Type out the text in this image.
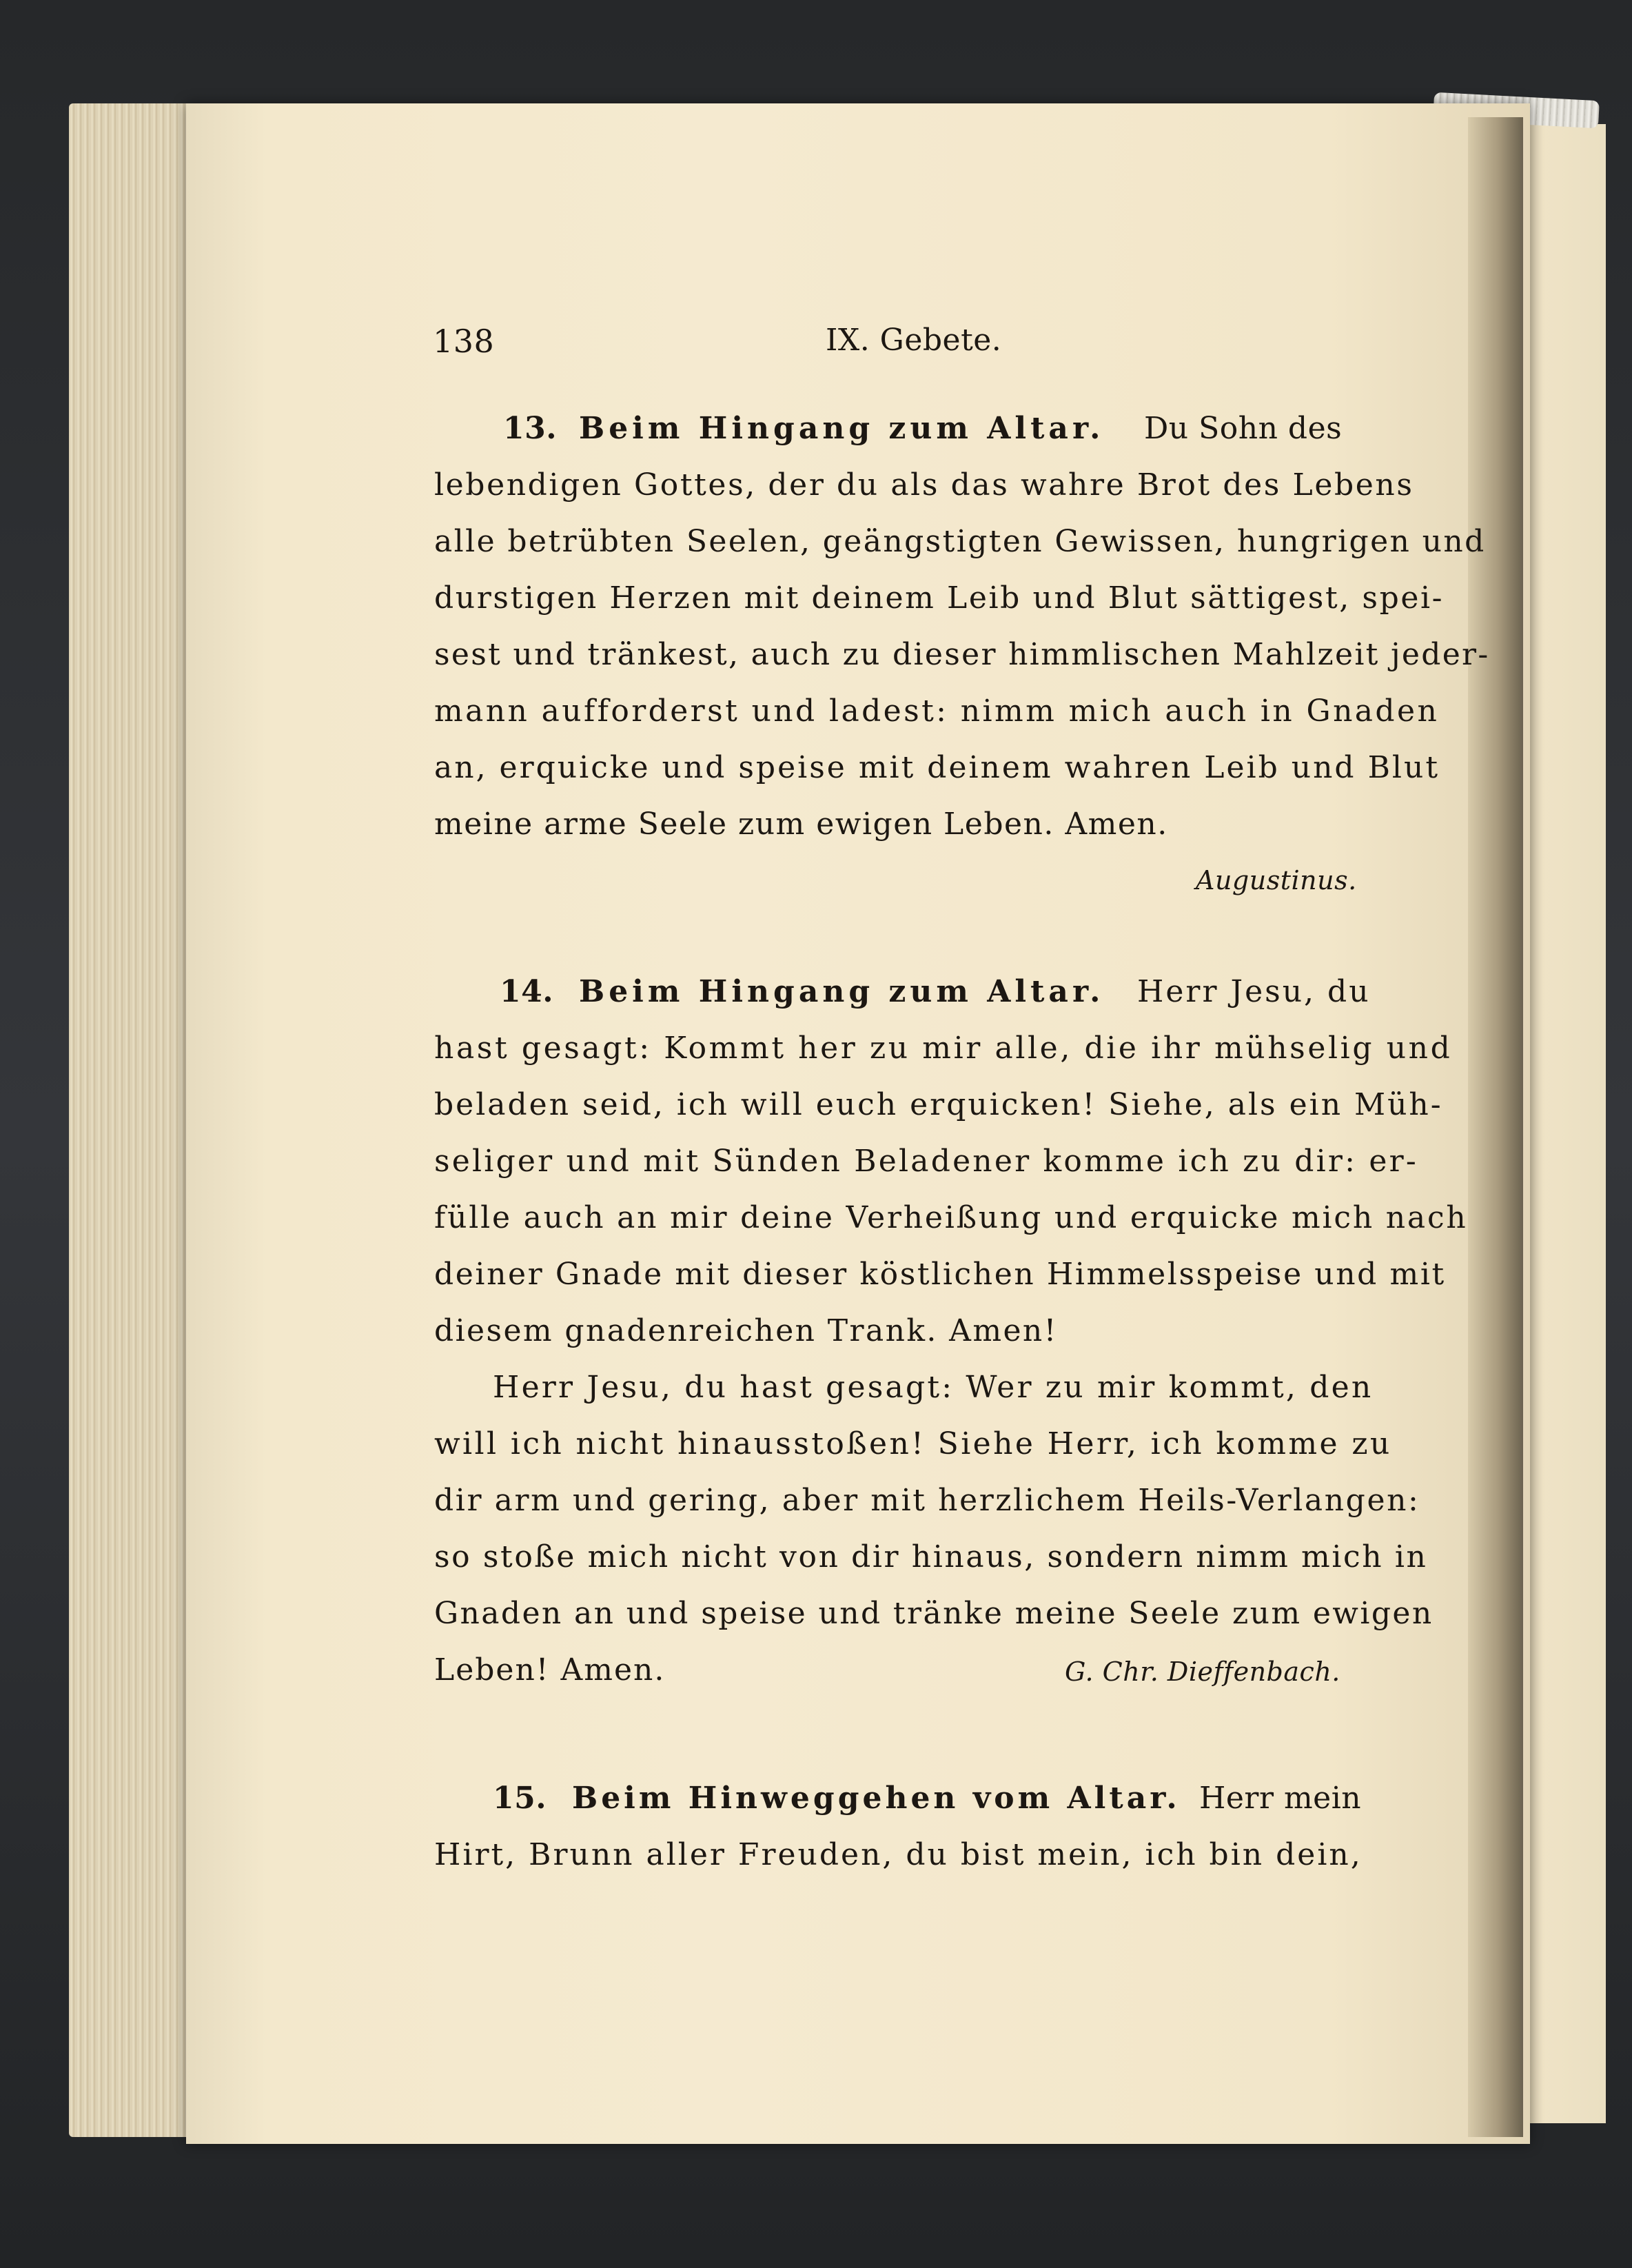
138	IX. Gebete.
13. Beim Hingang zum Altar. Du Sohn des
lebendigen Gottes, der du als das wahre Brot des Lebens
alle betrübten Seelen, geängstigten Gewissen, hungrigen und
durstigen Herzen mit deinem Leib und Blut sättigest, spei-
sest und tränkest, auch zu dieser himmlischen Mahlzeit jeder-
mann aufforderst und ladest: nimm mich auch in Gnaden
an, erquicke und speise mit deinem wahren Leib und Blut
meine arme Seele zum ewigen Leben. Amen.
Augustinus.
14. Beim Hingang zum Altar. Herr Jesu, du
hast gesagt: Kommt her zu mir alle, die ihr mühselig und
beladen seid, ich will euch erquicken! Siehe, als ein Müh-
seliger und mit Sünden Beladener komme ich zu dir: er-
fülle auch an mir deine Verheißung und erquicke mich nach
deiner Gnade mit dieser köstlichen Himmelsspeise und mit
diesem gnadenreichen Trank. Amen!
Herr Jesu, du hast gesagt: Wer zu mir kommt, den
will ich nicht hinausstoßen! Siehe Herr, ich komme zu
dir arm und gering, aber mit herzlichem Heils-Verlangen:
so stoße mich nicht von dir hinaus, sondern nimm mich in
Gnaden an und speise und tränke meine Seele zum ewigen
Leben! Amen.	G. Chr. Dieffenbach.
15. Beim Hinweggehen vom Altar. Herr mein
Hirt, Brunn aller Freuden, du bist mein, ich bin dein,
